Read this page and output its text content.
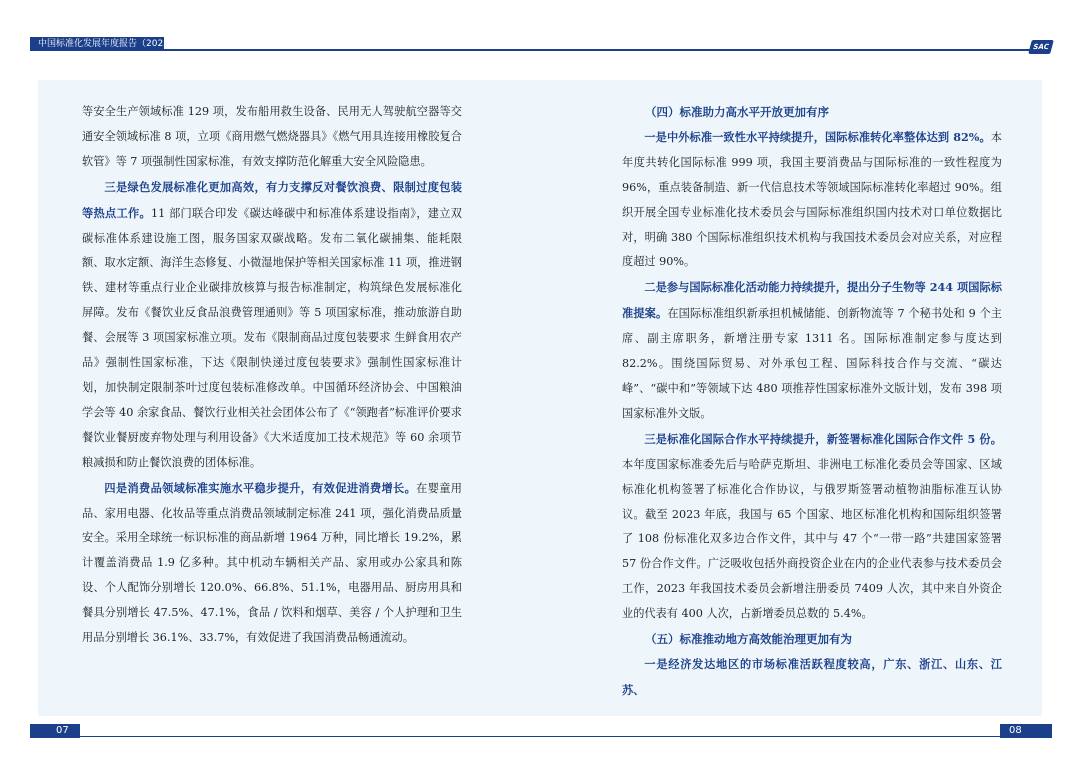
中国标准化发展年度报告（2023年）	SAC

等安全生产领域标准 129 项，发布船用救生设备、民用无人驾驶航空器等交通安全领域标准 8 项，立项《商用燃气燃烧器具》《燃气用具连接用橡胶复合软管》等 7 项强制性国家标准，有效支撑防范化解重大安全风险隐患。

三是绿色发展标准化更加高效，有力支撑反对餐饮浪费、限制过度包装等热点工作。11 部门联合印发《碳达峰碳中和标准体系建设指南》，建立双碳标准体系建设施工图，服务国家双碳战略。发布二氧化碳捕集、能耗限额、取水定额、海洋生态修复、小微湿地保护等相关国家标准 11 项，推进钢铁、建材等重点行业企业碳排放核算与报告标准制定，构筑绿色发展标准化屏障。发布《餐饮业反食品浪费管理通则》等 5 项国家标准，推动旅游自助餐、会展等 3 项国家标准立项。发布《限制商品过度包装要求 生鲜食用农产品》强制性国家标准，下达《限制快递过度包装要求》强制性国家标准计划，加快制定限制茶叶过度包装标准修改单。中国循环经济协会、中国粮油学会等 40 余家食品、餐饮行业相关社会团体公布了《“领跑者”标准评价要求 餐饮业餐厨废弃物处理与利用设备》《大米适度加工技术规范》等 60 余项节粮减损和防止餐饮浪费的团体标准。

四是消费品领域标准实施水平稳步提升，有效促进消费增长。在婴童用品、家用电器、化妆品等重点消费品领域制定标准 241 项，强化消费品质量安全。采用全球统一标识标准的商品新增 1964 万种，同比增长 19.2%，累计覆盖消费品 1.9 亿多种。其中机动车辆相关产品、家用或办公家具和陈设、个人配饰分别增长 120.0%、66.8%、51.1%，电器用品、厨房用具和餐具分别增长 47.5%、47.1%，食品 / 饮料和烟草、美容 / 个人护理和卫生用品分别增长 36.1%、33.7%，有效促进了我国消费品畅通流动。

（四）标准助力高水平开放更加有序

一是中外标准一致性水平持续提升，国际标准转化率整体达到 82%。本年度共转化国际标准 999 项，我国主要消费品与国际标准的一致性程度为 96%，重点装备制造、新一代信息技术等领域国际标准转化率超过 90%。组织开展全国专业标准化技术委员会与国际标准组织国内技术对口单位数据比对，明确 380 个国际标准组织技术机构与我国技术委员会对应关系，对应程度超过 90%。

二是参与国际标准化活动能力持续提升，提出分子生物等 244 项国际标准提案。在国际标准组织新承担机械储能、创新物流等 7 个秘书处和 9 个主席、副主席职务，新增注册专家 1311 名。国际标准制定参与度达到 82.2%。围绕国际贸易、对外承包工程、国际科技合作与交流、“碳达峰”、“碳中和”等领域下达 480 项推荐性国家标准外文版计划，发布 398 项国家标准外文版。

三是标准化国际合作水平持续提升，新签署标准化国际合作文件 5 份。本年度国家标准委先后与哈萨克斯坦、非洲电工标准化委员会等国家、区域标准化机构签署了标准化合作协议，与俄罗斯签署动植物油脂标准互认协议。截至 2023 年底，我国与 65 个国家、地区标准化机构和国际组织签署了 108 份标准化双多边合作文件，其中与 47 个“一带一路”共建国家签署 57 份合作文件。广泛吸收包括外商投资企业在内的企业代表参与技术委员会工作，2023 年我国技术委员会新增注册委员 7409 人次，其中来自外资企业的代表有 400 人次，占新增委员总数的 5.4%。

（五）标准推动地方高效能治理更加有为

一是经济发达地区的市场标准活跃程度较高，广东、浙江、山东、江苏、

07	08
